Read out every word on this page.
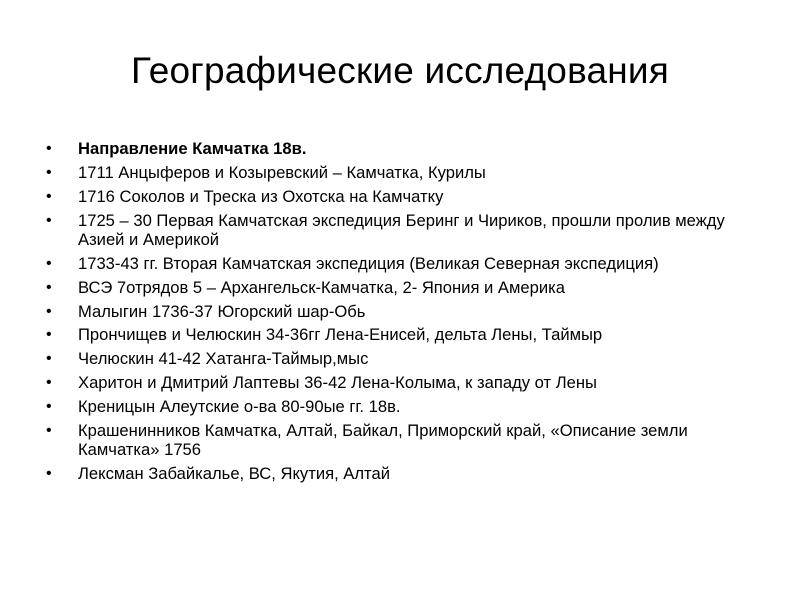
Географические исследования
•	Направление Камчатка 18в.
•	1711 Анцыферов и Козыревский – Камчатка, Курилы
•	1716 Соколов и Треска из Охотска на Камчатку
•	1725 – 30 Первая Камчатская экспедиция Беринг и Чириков, прошли пролив между Азией и Америкой
•	1733-43 гг. Вторая Камчатская экспедиция (Великая Северная экспедиция)
•	ВСЭ 7отрядов 5 – Архангельск-Камчатка, 2- Япония и Америка
•	Малыгин 1736-37 Югорский шар-Обь
•	Прончищев и Челюскин 34-36гг Лена-Енисей, дельта Лены, Таймыр
•	Челюскин 41-42 Хатанга-Таймыр,мыс
•	Харитон и Дмитрий Лаптевы 36-42 Лена-Колыма, к западу от Лены
•	Креницын Алеутские о-ва 80-90ые гг. 18в.
•	Крашенинников Камчатка, Алтай, Байкал, Приморский край, «Описание земли Камчатка» 1756
•	Лексман Забайкалье, ВС, Якутия, Алтай
